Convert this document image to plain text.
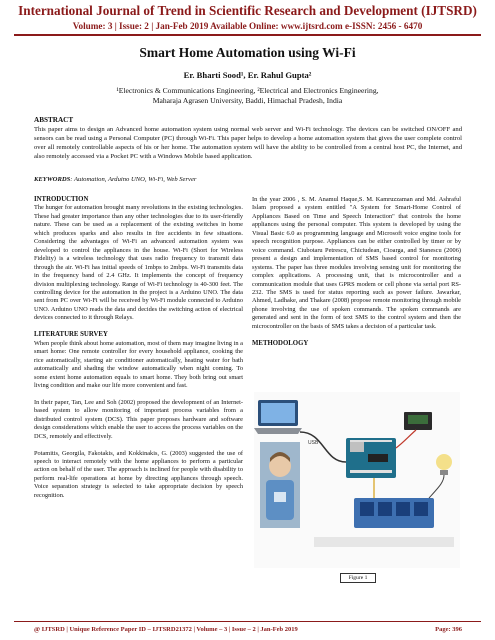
International Journal of Trend in Scientific Research and Development (IJTSRD)
Volume: 3 | Issue: 2 | Jan-Feb 2019 Available Online: www.ijtsrd.com e-ISSN: 2456 - 6470
Smart Home Automation using Wi-Fi
Er. Bharti Sood¹, Er. Rahul Gupta²
¹Electronics & Communications Engineering, ²Electrical and Electronics Engineering,
Maharaja Agrasen University, Baddi, Himachal Pradesh, India
ABSTRACT
This paper aims to design an Advanced home automation system using normal web server and Wi-Fi technology. The devices can be switched ON/OFF and sensors can be read using a Personal Computer (PC) through Wi-Fi. This paper helps to develop a home automation system that gives the user complete control over all remotely controllable aspects of his or her home. The automation system will have the ability to be controlled from a central host PC, the Internet, and also remotely accessed via a Pocket PC with a Windows Mobile based application.
KEYWORDS: Automation, Arduino UNO, Wi-Fi, Web Server
INTRODUCTION

The hunger for automation brought many revolutions in the existing technologies. These had greater importance than any other technologies due to its user-friendly nature. These can be used as a replacement of the existing switches in home which produces sparks and also results in fire accidents in few situations. Considering the advantages of Wi-Fi an advanced automation system was developed to control the appliances in the house. Wi-Fi (Short for Wireless Fidelity) is a wireless technology that uses radio frequency to transmit data through the air. Wi-Fi has initial speeds of 1mbps to 2mbps. Wi-Fi transmits data in the frequency band of 2.4 GHz. It implements the concept of frequency division multiplexing technology. Range of Wi-Fi technology is 40-300 feet. The controlling device for the automation in the project is a Arduino UNO. The data sent from PC over Wi-Fi will be received by Wi-Fi module connected to Arduino UNO. Arduino UNO reads the data and decides the switching action of electrical devices connected to it through Relays.

LITERATURE SURVEY

When people think about home automation, most of them may imagine living in a smart home: One remote controller for every household appliance, cooking the rice automatically, starting air conditioner automatically, heating water for bath automatically and shading the window automatically when night coming. To some extent home automation equals to smart home. They both bring out smart living condition and make our life more convenient and fast.

In their paper, Tan, Lee and Soh (2002) proposed the development of an Internet-based system to allow monitoring of important process variables from a distributed control system (DCS). This paper proposes hardware and software design considerations which enable the user to access the process variables on the DCS, remotely and effectively.

Potamitis, Georgila, Fakotakis, and Kokkinakis, G. (2003) suggested the use of speech to interact remotely with the home appliances to perform a particular action on behalf of the user. The approach is inclined for people with disability to perform real-life operations at home by directing appliances through speech. Voice separation strategy is selected to take appropriate decision by speech recognition.

In the year 2006 , S. M. Anamul Haque,S. M. Kamruzzaman and Md. Ashraful Islam proposed a system entitled "A System for Smart-Home Control of Appliances Based on Time and Speech Interaction" that controls the home appliances using the personal computer. This system is developed by using the Visual Basic 6.0 as programming language and Microsoft voice engine tools for speech recognition purpose. Appliances can be either controlled by timer or by voice command. Ciubotaru Petrescu, Chiciudean, Cioarga, and Stanescu (2006) present a design and implementation of SMS based control for monitoring systems. The paper has three modules involving sensing unit for monitoring the complex applications. A processing unit, that is microcontroller and a communication module that uses GPRS modem or cell phone via serial port RS-232. The SMS is used for status reporting such as power failure. Jawarkar, Ahmed, Ladhake, and Thakare (2008) propose remote monitoring through mobile phone involving the use of spoken commands. The spoken commands are generated and sent in the form of text SMS to the control system and then the microcontroller on the basis of SMS takes a decision of a particular task.

METHODOLOGY
USB
Figure 1
@ IJTSRD | Unique Reference Paper ID – IJTSRD21372 | Volume – 3 | Issue – 2 | Jan-Feb 2019	Page: 396
